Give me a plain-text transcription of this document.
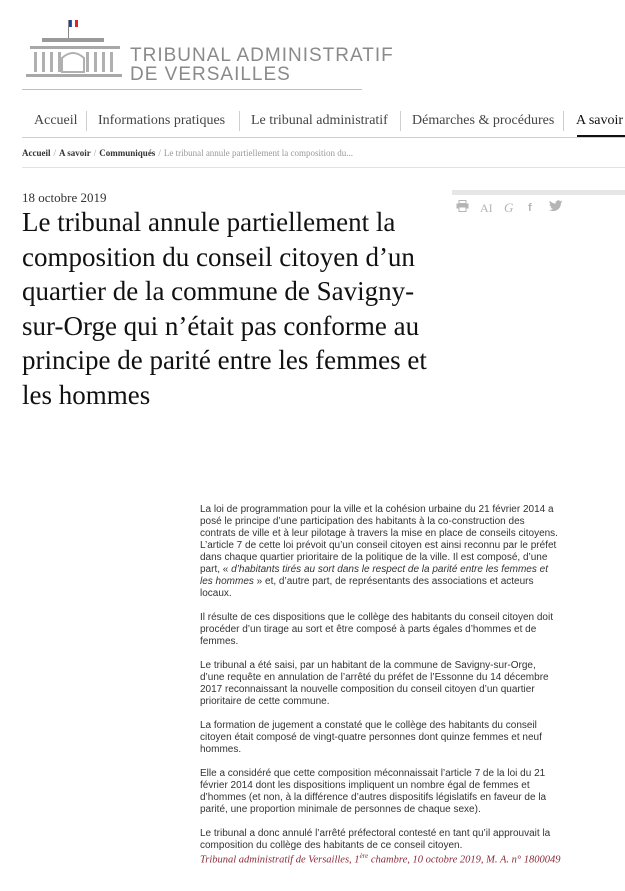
TRIBUNAL ADMINISTRATIF
DE VERSAILLES
Accueil Informations pratiques Le tribunal administratif Démarches & procédures A savoir
Accueil / A savoir / Communiqués / Le tribunal annule partiellement la composition du...
18 octobre 2019
Le tribunal annule partiellement la composition du conseil citoyen d’un quartier de la commune de Savigny-sur-Orge qui n’était pas conforme au principe de parité entre les femmes et les hommes
AI G f

La loi de programmation pour la ville et la cohésion urbaine du 21 février 2014 a posé le principe d’une participation des habitants à la co-construction des contrats de ville et à leur pilotage à travers la mise en place de conseils citoyens. L’article 7 de cette loi prévoit qu’un conseil citoyen est ainsi reconnu par le préfet dans chaque quartier prioritaire de la politique de la ville. Il est composé, d’une part, « d’habitants tirés au sort dans le respect de la parité entre les femmes et les hommes » et, d’autre part, de représentants des associations et acteurs locaux.

Il résulte de ces dispositions que le collège des habitants du conseil citoyen doit procéder d’un tirage au sort et être composé à parts égales d’hommes et de femmes.

Le tribunal a été saisi, par un habitant de la commune de Savigny-sur-Orge, d’une requête en annulation de l’arrêté du préfet de l’Essonne du 14 décembre 2017 reconnaissant la nouvelle composition du conseil citoyen d’un quartier prioritaire de cette commune.

La formation de jugement a constaté que le collège des habitants du conseil citoyen était composé de vingt-quatre personnes dont quinze femmes et neuf hommes.

Elle a considéré que cette composition méconnaissait l’article 7 de la loi du 21 février 2014 dont les dispositions impliquent un nombre égal de femmes et d’hommes (et non, à la différence d’autres dispositifs législatifs en faveur de la parité, une proportion minimale de personnes de chaque sexe).

Le tribunal a donc annulé l’arrêté préfectoral contesté en tant qu’il approuvait la composition du collège des habitants de ce conseil citoyen.

Tribunal administratif de Versailles, 1ère chambre, 10 octobre 2019, M. A. n° 1800049
